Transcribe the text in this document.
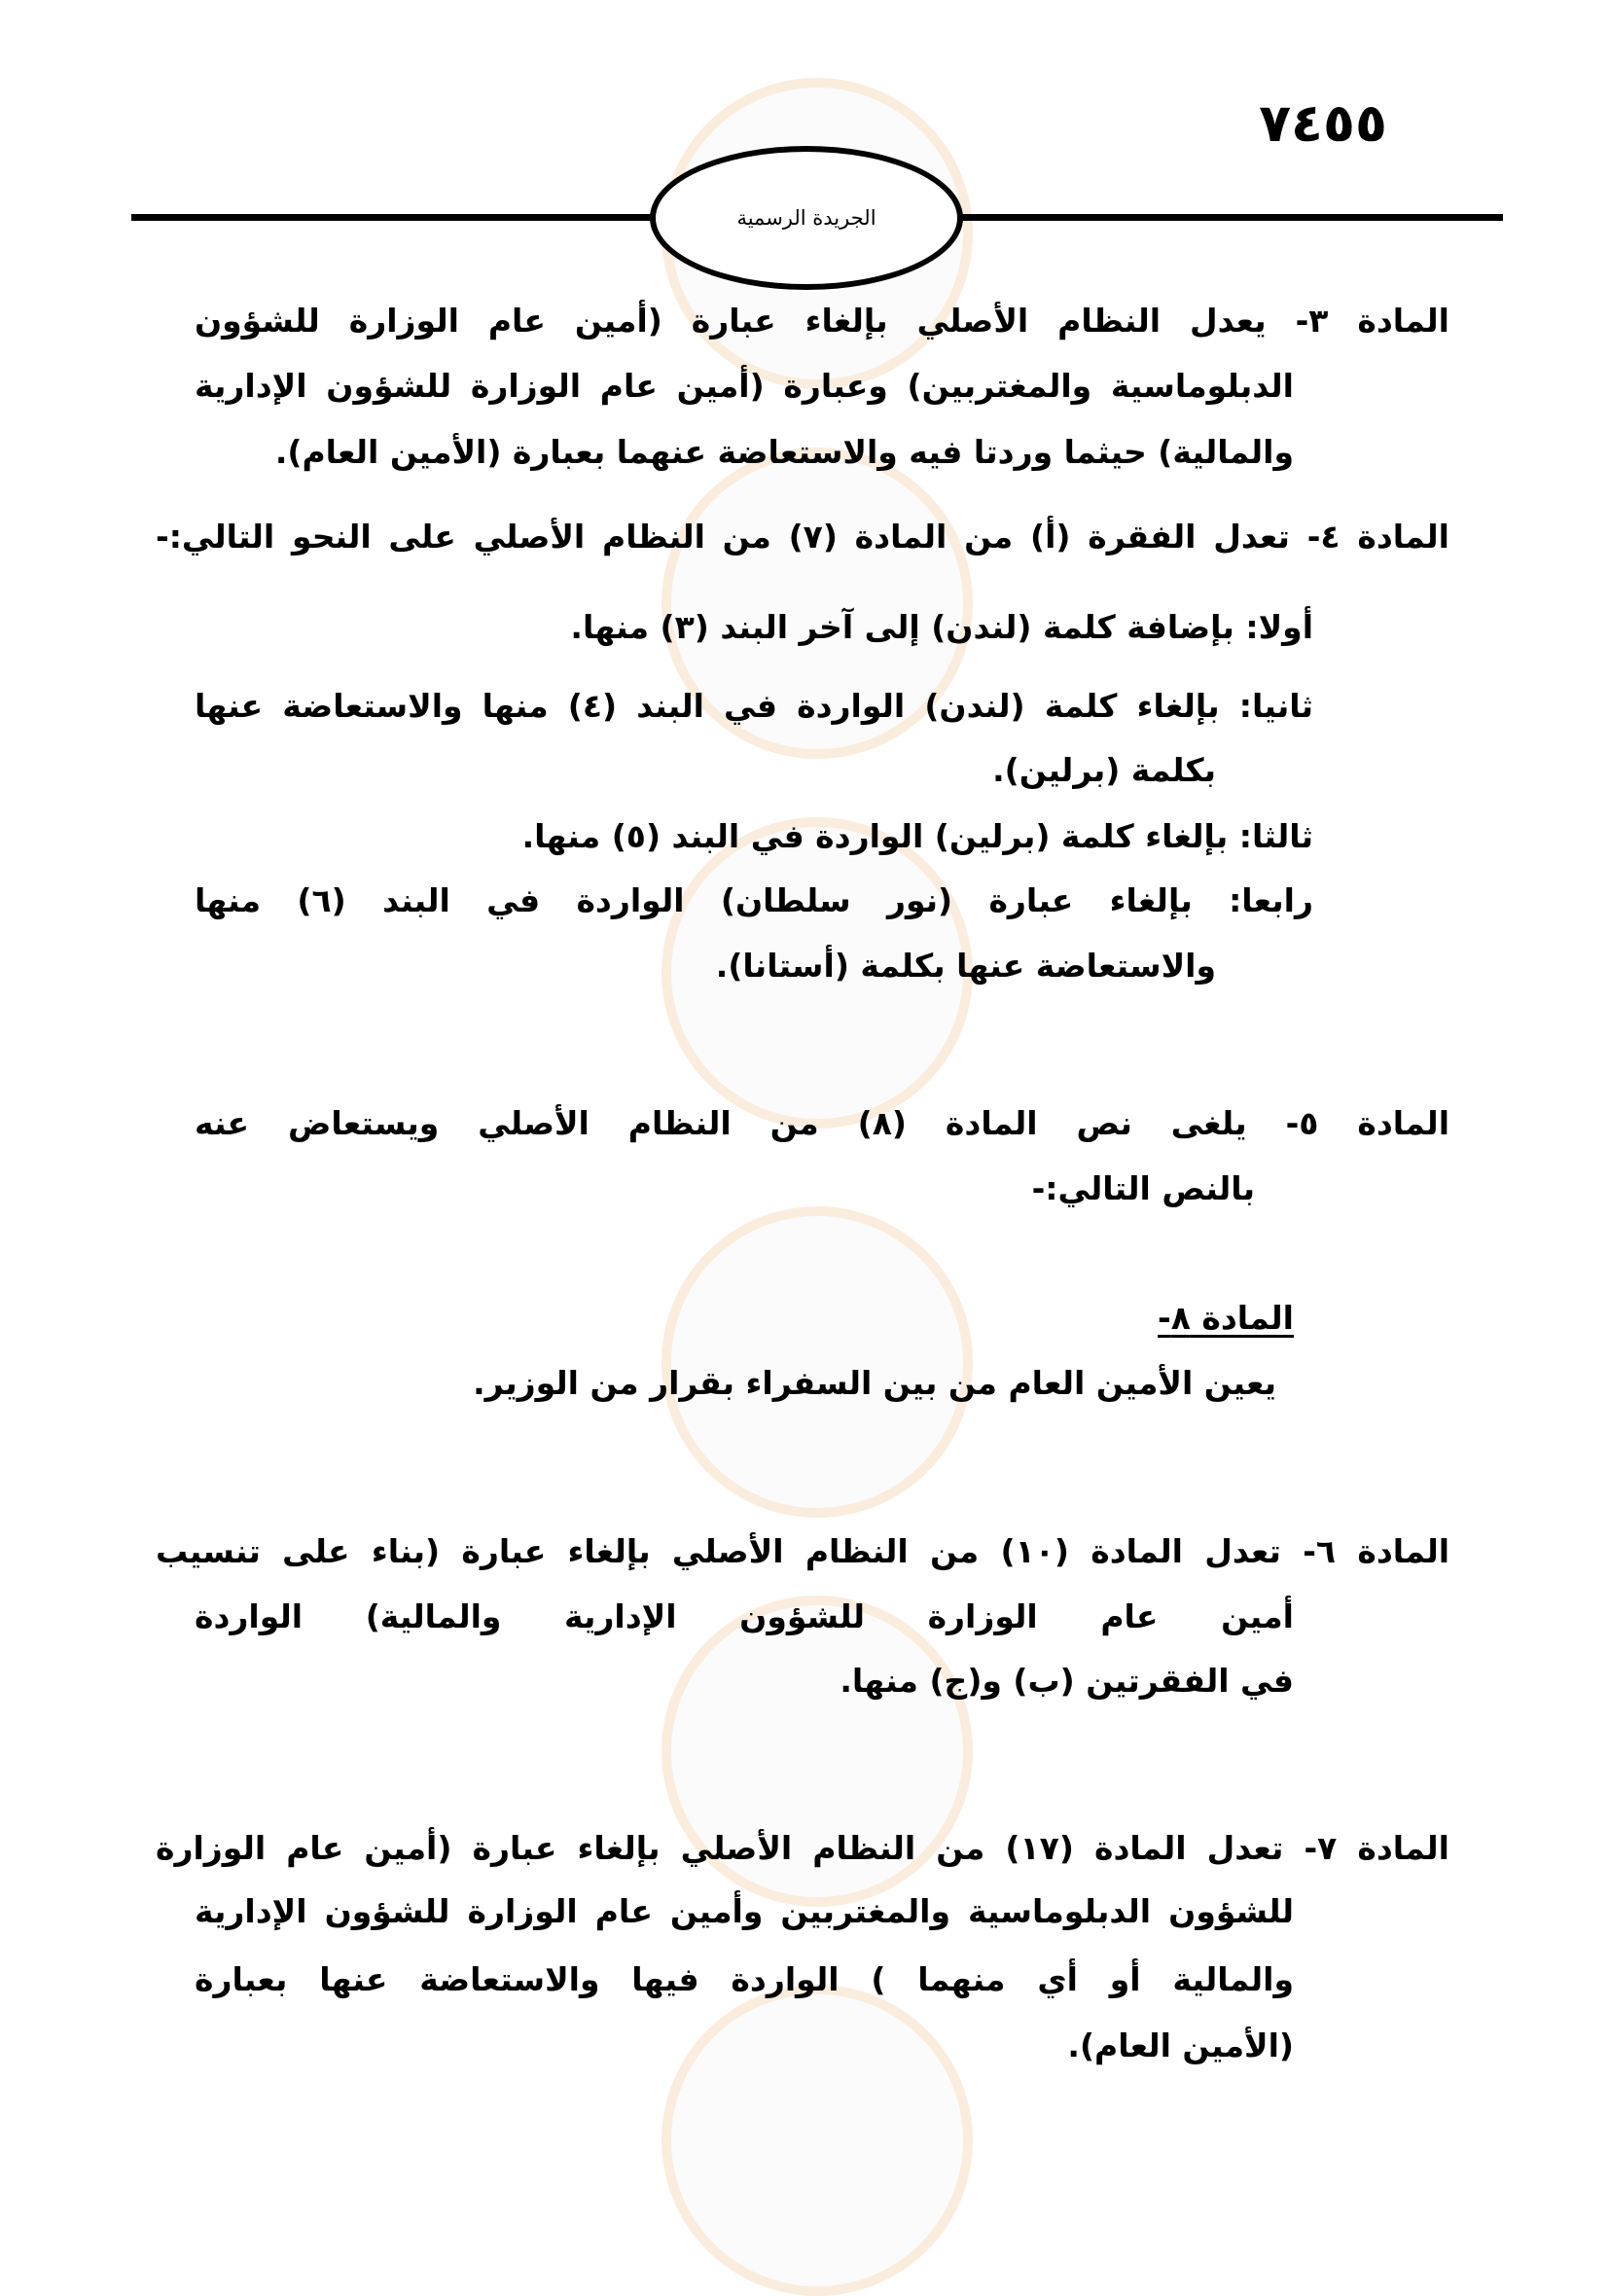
٧٤٥٥
الجريدة الرسمية
المادة ٣- يعدل النظام الأصلي بإلغاء عبارة (أمين عام الوزارة للشؤون
الدبلوماسية والمغتربين) وعبارة (أمين عام الوزارة للشؤون الإدارية
والمالية) حيثما وردتا فيه والاستعاضة عنهما بعبارة (الأمين العام).
المادة ٤- تعدل الفقرة (أ) من المادة (٧) من النظام الأصلي على النحو التالي:-
أولا: بإضافة كلمة (لندن) إلى آخر البند (٣) منها.
ثانيا: بإلغاء كلمة (لندن) الواردة في البند (٤) منها والاستعاضة عنها
بكلمة (برلين).
ثالثا: بإلغاء كلمة (برلين) الواردة في البند (٥) منها.
رابعا: بإلغاء عبارة (نور سلطان) الواردة في البند (٦) منها
والاستعاضة عنها بكلمة (أستانا).
المادة ٥- يلغى نص المادة (٨) من النظام الأصلي ويستعاض عنه
بالنص التالي:-
المادة ٨-
يعين الأمين العام من بين السفراء بقرار من الوزير.
المادة ٦- تعدل المادة (١٠) من النظام الأصلي بإلغاء عبارة (بناء على تنسيب
أمين عام الوزارة للشؤون الإدارية والمالية) الواردة
في الفقرتين (ب) و(ج) منها.
المادة ٧- تعدل المادة (١٧) من النظام الأصلي بإلغاء عبارة (أمين عام الوزارة
للشؤون الدبلوماسية والمغتربين وأمين عام الوزارة للشؤون الإدارية
والمالية أو أي منهما ) الواردة فيها والاستعاضة عنها بعبارة
(الأمين العام).
